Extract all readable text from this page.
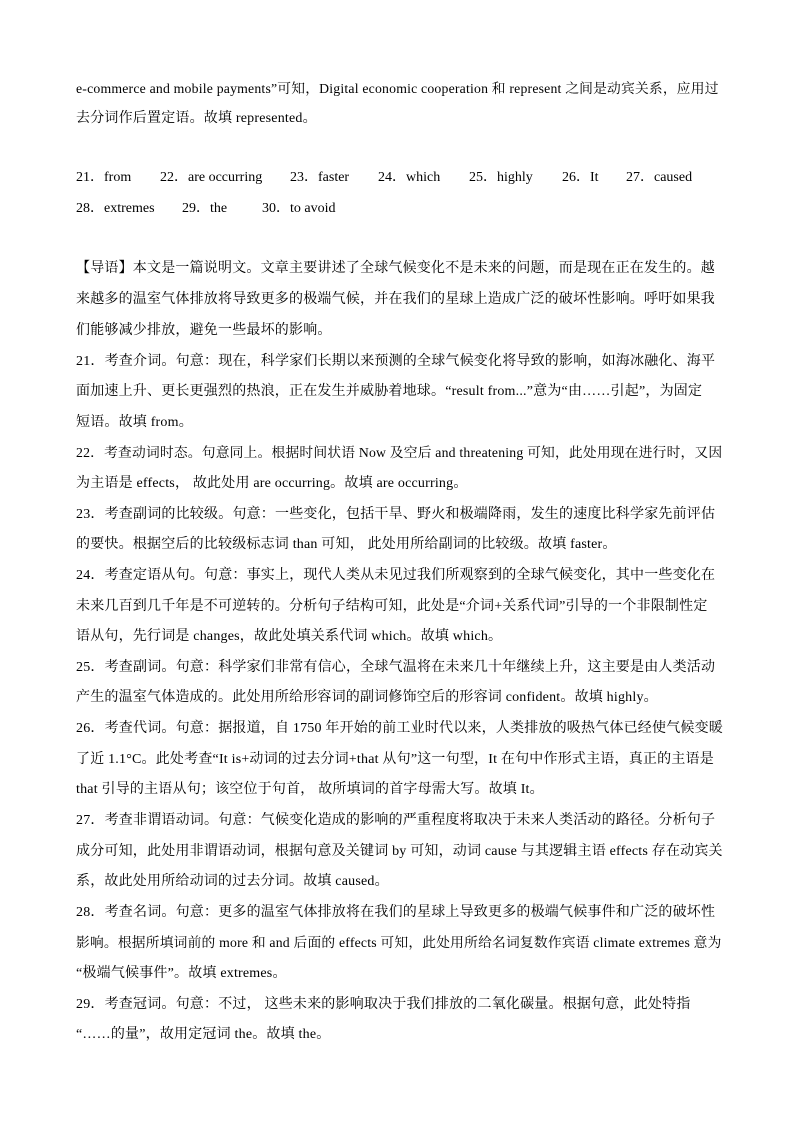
e-commerce and mobile payments”可知，Digital economic cooperation 和 represent 之间是动宾关系，应用过
去分词作后置定语。故填 represented。
21．from 22．are occurring 23．faster 24．which 25．highly 26．It 27．caused
28．extremes 29．the 30．to avoid
【导语】本文是一篇说明文。文章主要讲述了全球气候变化不是未来的问题，而是现在正在发生的。越
来越多的温室气体排放将导致更多的极端气候，并在我们的星球上造成广泛的破坏性影响。呼吁如果我
们能够减少排放，避免一些最坏的影响。
21．考查介词。句意：现在，科学家们长期以来预测的全球气候变化将导致的影响，如海冰融化、海平
面加速上升、更长更强烈的热浪，正在发生并威胁着地球。“result from...”意为“由……引起”，为固定
短语。故填 from。
22．考查动词时态。句意同上。根据时间状语 Now 及空后 and threatening 可知，此处用现在进行时，又因
为主语是 effects， 故此处用 are occurring。故填 are occurring。
23．考查副词的比较级。句意：一些变化，包括干旱、野火和极端降雨，发生的速度比科学家先前评估
的要快。根据空后的比较级标志词 than 可知， 此处用所给副词的比较级。故填 faster。
24．考查定语从句。句意：事实上，现代人类从未见过我们所观察到的全球气候变化，其中一些变化在
未来几百到几千年是不可逆转的。分析句子结构可知，此处是“介词+关系代词”引导的一个非限制性定
语从句，先行词是 changes，故此处填关系代词 which。故填 which。
25．考查副词。句意：科学家们非常有信心，全球气温将在未来几十年继续上升，这主要是由人类活动
产生的温室气体造成的。此处用所给形容词的副词修饰空后的形容词 confident。故填 highly。
26．考查代词。句意：据报道，自 1750 年开始的前工业时代以来，人类排放的吸热气体已经使气候变暖
了近 1.1°C。此处考查“It is+动词的过去分词+that 从句”这一句型，It 在句中作形式主语，真正的主语是
that 引导的主语从句；该空位于句首， 故所填词的首字母需大写。故填 It。
27．考查非谓语动词。句意：气候变化造成的影响的严重程度将取决于未来人类活动的路径。分析句子
成分可知，此处用非谓语动词，根据句意及关键词 by 可知，动词 cause 与其逻辑主语 effects 存在动宾关
系，故此处用所给动词的过去分词。故填 caused。
28．考查名词。句意：更多的温室气体排放将在我们的星球上导致更多的极端气候事件和广泛的破坏性
影响。根据所填词前的 more 和 and 后面的 effects 可知，此处用所给名词复数作宾语 climate extremes 意为
“极端气候事件”。故填 extremes。
29．考查冠词。句意：不过， 这些未来的影响取决于我们排放的二氧化碳量。根据句意，此处特指
“……的量”，故用定冠词 the。故填 the。
